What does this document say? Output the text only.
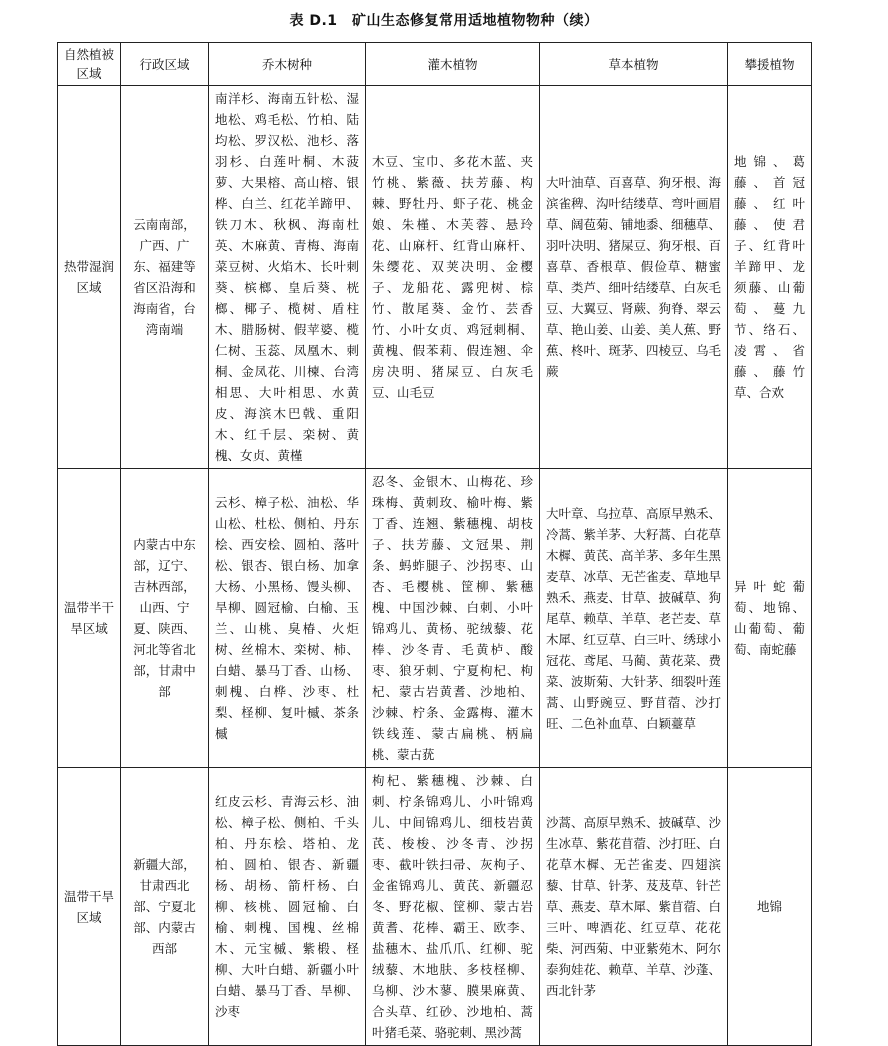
表 D.1　矿山生态修复常用适地植物物种（续）
自然植被区域	行政区域	乔木树种	灌木植物	草本植物	攀援植物
热带湿润区域	云南南部，广西、广东、福建等省区沿海和海南省，台湾南端	南洋杉、海南五针松、湿地松、鸡毛松、竹柏、陆均松、罗汉松、池杉、落羽杉、白莲叶桐、木菠萝、大果榕、高山榕、银桦、白兰、红花羊蹄甲、铁刀木、秋枫、海南杜英、木麻黄、青梅、海南菜豆树、火焰木、长叶刺葵、槟榔、皇后葵、桄榔、椰子、榄树、盾柱木、腊肠树、假苹婆、榄仁树、玉蕊、凤凰木、刺桐、金凤花、川楝、台湾相思、大叶相思、水黄皮、海滨木巴戟、重阳木、红千层、栾树、黄槐、女贞、黄槿	木豆、宝巾、多花木蓝、夹竹桃、紫薇、扶芳藤、构棘、野牡丹、虾子花、桃金娘、朱槿、木芙蓉、悬玲花、山麻杆、红背山麻杆、朱缨花、双荚决明、金樱子、龙船花、露兜树、棕竹、散尾葵、金竹、芸香竹、小叶女贞、鸡冠刺桐、黄槐、假苯莉、假连翘、伞房决明、猪屎豆、白灰毛豆、山毛豆	大叶油草、百喜草、狗牙根、海滨雀稗、沟叶结缕草、弯叶画眉草、阔苞菊、铺地黍、细穗草、羽叶决明、猪屎豆、狗牙根、百喜草、香根草、假俭草、糖蜜草、类芦、细叶结缕草、白灰毛豆、大翼豆、肾蕨、狗脊、翠云草、艳山姜、山姜、美人蕉、野蕉、柊叶、斑茅、四棱豆、乌毛蕨	地锦、葛藤、首冠藤、红叶藤、使君子、红背叶羊蹄甲、龙须藤、山葡萄、蔓九节、络石、凌霄、省藤、藤竹草、合欢
温带半干旱区域	内蒙古中东部，辽宁、吉林西部，山西、宁夏、陕西、河北等省北部，甘肃中部	云杉、樟子松、油松、华山松、杜松、侧柏、丹东桧、西安桧、圆柏、落叶松、银杏、银白杨、加拿大杨、小黑杨、馒头柳、旱柳、圆冠榆、白榆、玉兰、山桃、臭椿、火炬树、丝棉木、栾树、柿、白蜡、暴马丁香、山杨、刺槐、白桦、沙枣、杜梨、柽柳、复叶槭、茶条槭	忍冬、金银木、山梅花、珍珠梅、黄刺玫、榆叶梅、紫丁香、连翘、紫穗槐、胡枝子、扶芳藤、文冠果、荆条、蚂蚱腿子、沙拐枣、山杏、毛樱桃、筐柳、紫穗槐、中国沙棘、白刺、小叶锦鸡儿、黄杨、驼绒藜、花棒、沙冬青、毛黄栌、酸枣、狼牙刺、宁夏枸杞、枸杞、蒙古岩黄耆、沙地柏、沙棘、柠条、金露梅、灌木铁线莲、蒙古扁桃、柄扁桃、蒙古莸	大叶章、乌拉草、高原早熟禾、冷蒿、紫羊茅、大籽蒿、白花草木樨、黄芪、高羊茅、多年生黑麦草、冰草、无芒雀麦、草地早熟禾、燕麦、甘草、披碱草、狗尾草、赖草、羊草、老芒麦、草木犀、红豆草、白三叶、绣球小冠花、鸢尾、马蔺、黄花菜、费菜、波斯菊、大针茅、细裂叶莲蒿、山野豌豆、野苜蓿、沙打旺、二色补血草、白颖薹草	异叶蛇葡萄、地锦、山葡萄、葡萄、南蛇藤
温带干旱区域	新疆大部，甘肃西北部、宁夏北部、内蒙古西部	红皮云杉、青海云杉、油松、樟子松、侧柏、千头柏、丹东桧、塔柏、龙柏、圆柏、银杏、新疆杨、胡杨、箭杆杨、白柳、核桃、圆冠榆、白榆、刺槐、国槐、丝棉木、元宝槭、紫椴、柽柳、大叶白蜡、新疆小叶白蜡、暴马丁香、旱柳、沙枣	枸杞、紫穗槐、沙棘、白刺、柠条锦鸡儿、小叶锦鸡儿、中间锦鸡儿、细枝岩黄芪、梭梭、沙冬青、沙拐枣、截叶铁扫帚、灰枸子、金雀锦鸡儿、黄芪、新疆忍冬、野花椒、筐柳、蒙古岩黄耆、花棒、霸王、欧李、盐穗木、盐爪爪、红柳、驼绒藜、木地肤、多枝柽柳、乌柳、沙木蓼、膜果麻黄、合头草、红砂、沙地柏、蒿叶猪毛菜、骆驼刺、黑沙蒿	沙蒿、高原早熟禾、披碱草、沙生冰草、紫花苜蓿、沙打旺、白花草木樨、无芒雀麦、四翅滨藜、甘草、针茅、芨芨草、针芒草、燕麦、草木犀、紫苜蓿、白三叶、啤酒花、红豆草、花花柴、河西菊、中亚紫苑木、阿尔泰狗娃花、赖草、羊草、沙蓬、西北针茅	地锦
